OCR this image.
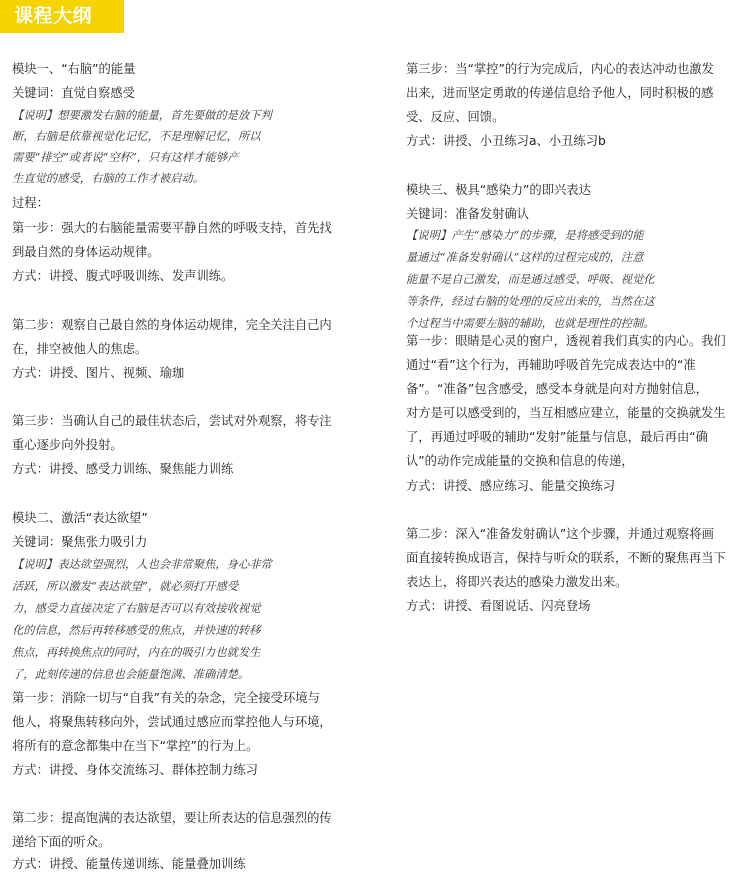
课程大纲

模块一、“右脑”的能量

关键词：直觉自察感受

【说明】想要激发右脑的能量，首先要做的是放下判

断，右脑是依靠视觉化记忆，不是理解记忆，所以

需要“排空”或者说“空杯”，只有这样才能够产

生直觉的感受，右脑的工作才被启动。

过程：

第一步：强大的右脑能量需要平静自然的呼吸支持，首先找

到最自然的身体运动规律。

方式：讲授、腹式呼吸训练、发声训练。

第二步：观察自己最自然的身体运动规律，完全关注自己内

在，排空被他人的焦虑。

方式：讲授、图片、视频、瑜珈

第三步：当确认自己的最佳状态后，尝试对外观察，将专注

重心逐步向外投射。

方式：讲授、感受力训练、聚焦能力训练

模块二、激活“表达欲望”

关键词：聚焦张力吸引力

【说明】表达欲望强烈，人也会非常聚焦，身心非常

活跃，所以激发“表达欲望”，就必须打开感受

力，感受力直接决定了右脑是否可以有效接收视觉

化的信息，然后再转移感受的焦点，并快速的转移

焦点，再转换焦点的同时，内在的吸引力也就发生

了，此刻传递的信息也会能量饱满、准确清楚。

第一步：消除一切与“自我”有关的杂念，完全接受环境与

他人，将聚焦转移向外，尝试通过感应而掌控他人与环境，

将所有的意念都集中在当下“掌控”的行为上。

方式：讲授、身体交流练习、群体控制力练习

第二步：提高饱满的表达欲望，要让所表达的信息强烈的传

递给下面的听众。

方式：讲授、能量传递训练、能量叠加训练

第三步：当“掌控”的行为完成后，内心的表达冲动也激发

出来，进而坚定勇敢的传递信息给予他人，同时积极的感

受、反应、回馈。

方式：讲授、小丑练习a、小丑练习b

模块三、极具“感染力”的即兴表达

关键词：准备发射确认

【说明】产生“感染力”的步骤，是将感受到的能

量通过“准备发射确认”这样的过程完成的，注意

能量不是自己激发，而是通过感受、呼吸、视觉化

等条件，经过右脑的处理的反应出来的，当然在这

个过程当中需要左脑的辅助，也就是理性的控制。

第一步：眼睛是心灵的窗户，透视着我们真实的内心。我们

通过“看”这个行为，再辅助呼吸首先完成表达中的“准

备”。“准备”包含感受，感受本身就是向对方抛射信息，

对方是可以感受到的，当互相感应建立，能量的交换就发生

了，再通过呼吸的辅助“发射”能量与信息，最后再由“确

认”的动作完成能量的交换和信息的传递，

方式：讲授、感应练习、能量交换练习

第二步：深入“准备发射确认”这个步骤，并通过观察将画

面直接转换成语言，保持与听众的联系，不断的聚焦再当下

表达上，将即兴表达的感染力激发出来。

方式：讲授、看图说话、闪亮登场
